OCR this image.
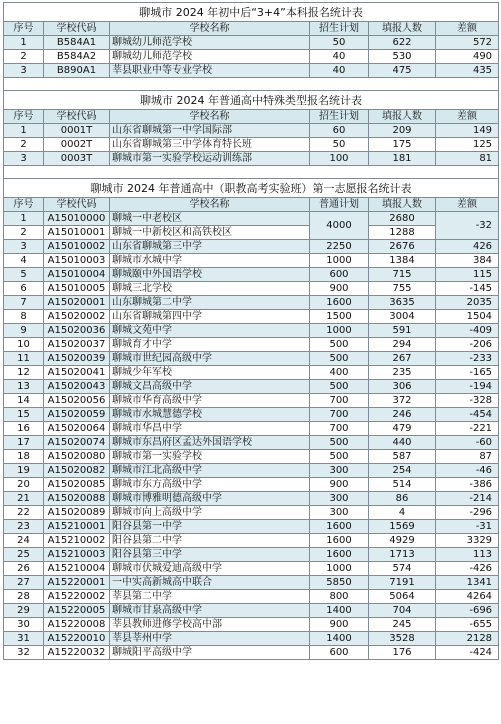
聊城市 2024 年初中后“3+4”本科报名统计表					
序号	学校代码	学校名称	招生计划	填报人数	差额
1	B584A1	聊城幼儿师范学校	50	622	572
2	B584A2	聊城幼儿师范学校	40	530	490
3	B890A1	莘县职业中等专业学校	40	475	435

聊城市 2024 年普通高中特殊类型报名统计表					
序号	学校代码	学校名称	招生计划	填报人数	差额
1	0001T	山东省聊城第一中学国际部	60	209	149
2	0002T	山东省聊城第三中学体育特长班	50	175	125
3	0003T	聊城市第一实验学校运动训练部	100	181	81

聊城市 2024 年普通高中（职教高考实验班）第一志愿报名统计表					
序号	学校代码	学校名称	普通计划	填报人数	差额
1	A15010000	聊城一中老校区	4000	2680	-32
2	A15010001	聊城一中新校区和高铁校区		1288	
3	A15010002	山东省聊城第三中学	2250	2676	426
4	A15010003	聊城市水城中学	1000	1384	384
5	A15010004	聊城颐中外国语学校	600	715	115
6	A15010005	聊城三北学校	900	755	-145
7	A15020001	山东聊城第二中学	1600	3635	2035
8	A15020002	山东省聊城第四中学	1500	3004	1504
9	A15020036	聊城文苑中学	1000	591	-409
10	A15020037	聊城育才中学	500	294	-206
11	A15020039	聊城市世纪园高级中学	500	267	-233
12	A15020041	聊城少年军校	400	235	-165
13	A15020043	聊城文昌高级中学	500	306	-194
14	A15020056	聊城市华育高级中学	700	372	-328
15	A15020059	聊城市水城慧德学校	700	246	-454
16	A15020064	聊城市华昌中学	700	479	-221
17	A15020074	聊城市东昌府区孟达外国语学校	500	440	-60
18	A15020080	聊城市第一实验学校	500	587	87
19	A15020082	聊城市江北高级中学	300	254	-46
20	A15020085	聊城市东方高级中学	900	514	-386
21	A15020088	聊城市博雅明德高级中学	300	86	-214
22	A15020089	聊城市向上高级中学	300	4	-296
23	A15210001	阳谷县第一中学	1600	1569	-31
24	A15210002	阳谷县第二中学	1600	4929	3329
25	A15210003	阳谷县第三中学	1600	1713	113
26	A15210004	聊城市伏城爱迪高级中学	1000	574	-426
27	A15220001	一中实高新城高中联合	5850	7191	1341
28	A15220002	莘县第二中学	800	5064	4264
29	A15220005	聊城市甘泉高级中学	1400	704	-696
30	A15220008	莘县教师进修学校高中部	900	245	-655
31	A15220010	莘县莘州中学	1400	3528	2128
32	A15220032	聊城阳平高级中学	600	176	-424
